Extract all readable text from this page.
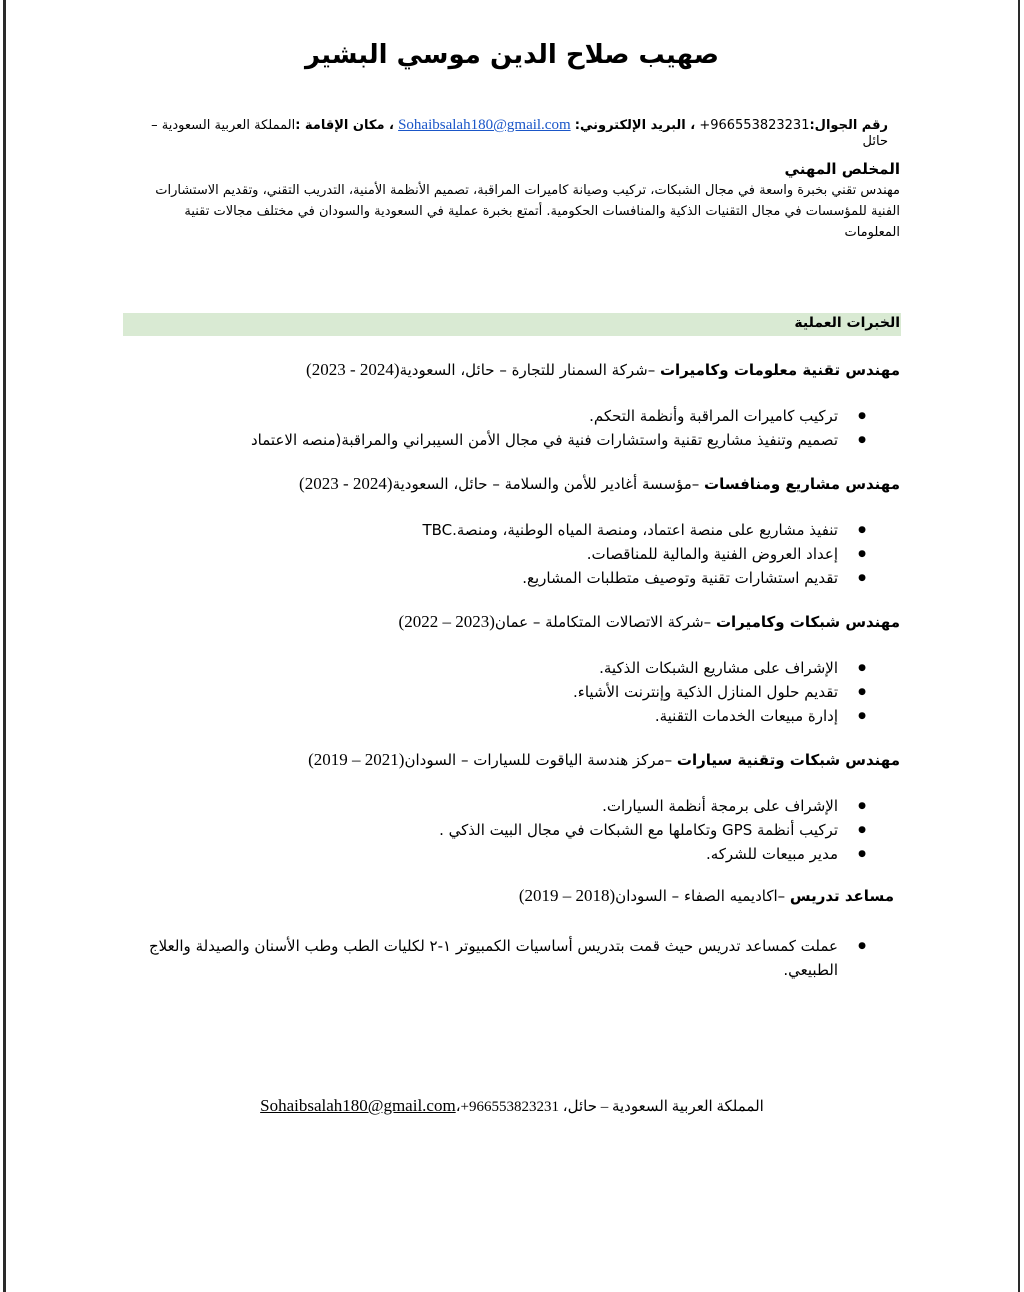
صهيب صلاح الدين موسي البشير
رقم الجوال:+966553823231 ، البريد الإلكتروني: Sohaibsalah180@gmail.com ، مكان الإقامة :المملكة العربية السعودية – حائل
المخلص المهني
مهندس تقني بخبرة واسعة في مجال الشبكات، تركيب وصيانة كاميرات المراقبة، تصميم الأنظمة الأمنية، التدريب التقني، وتقديم الاستشارات الفنية للمؤسسات في مجال التقنيات الذكية والمنافسات الحكومية. أتمتع بخبرة عملية في السعودية والسودان في مختلف مجالات تقنية المعلومات
الخبرات العملية
مهندس تقنية معلومات وكاميرات –شركة السمنار للتجارة – حائل، السعودية(2024 - 2023)
● تركيب كاميرات المراقبة وأنظمة التحكم.
● تصميم وتنفيذ مشاريع تقنية واستشارات فنية في مجال الأمن السيبراني والمراقبة(منصه الاعتماد
مهندس مشاريع ومنافسات –مؤسسة أغادير للأمن والسلامة – حائل، السعودية(2024 - 2023)
● تنفيذ مشاريع على منصة اعتماد، ومنصة المياه الوطنية، ومنصة.TBC
● إعداد العروض الفنية والمالية للمناقصات.
● تقديم استشارات تقنية وتوصيف متطلبات المشاريع.
مهندس شبكات وكاميرات –شركة الاتصالات المتكاملة – عمان(2023 – 2022)
● الإشراف على مشاريع الشبكات الذكية.
● تقديم حلول المنازل الذكية وإنترنت الأشياء.
● إدارة مبيعات الخدمات التقنية.
مهندس شبكات وتقنية سيارات –مركز هندسة الياقوت للسيارات – السودان(2021 – 2019)
● الإشراف على برمجة أنظمة السيارات.
● تركيب أنظمة GPS وتكاملها مع الشبكات في مجال البيت الذكي .
● مدير مبيعات للشركه.
مساعد تدريس –اكاديميه الصفاء – السودان(2018 – 2019)
● عملت كمساعد تدريس حيث قمت بتدريس أساسيات الكمبيوتر ١-٢ لكليات الطب وطب الأسنان والصيدلة والعلاج الطبيعي.
المملكة العربية السعودية – حائل، +966553823231،Sohaibsalah180@gmail.com
